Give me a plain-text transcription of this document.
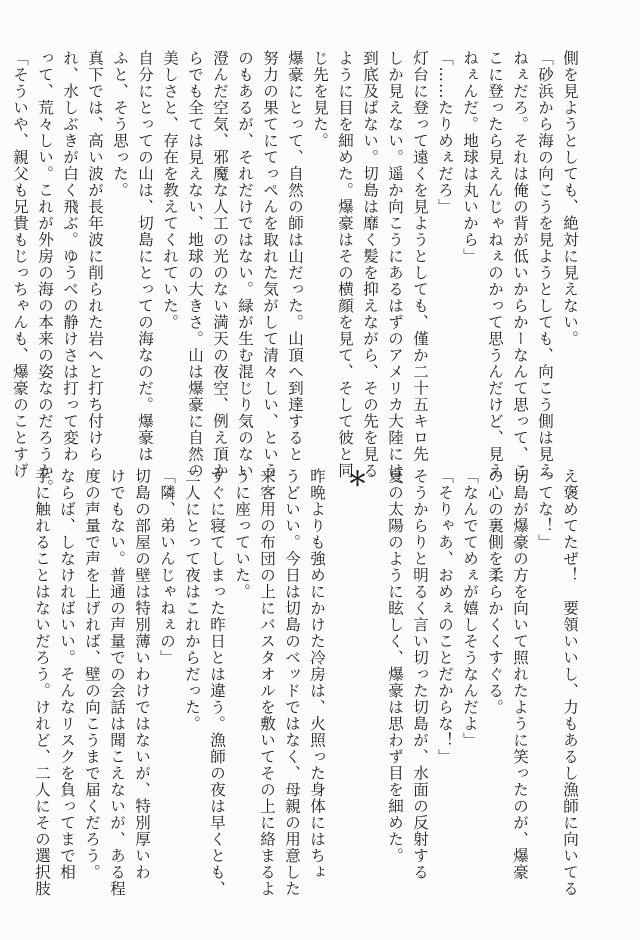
側を見ようとしても、絶対に見えない。

「砂浜から海の向こうを見ようとしても、向こう側は見え

ねぇだろ。それは俺の背が低いからかーなんて思って、こ

こに登ったら見えんじゃねぇのかって思うんだけど、見え

ねぇんだ。地球は丸いから」

「……たりめぇだろ」

灯台に登って遠くを見ようとしても、僅か二十五キロ先

しか見えない。遥か向こうにあるはずのアメリカ大陸には、

到底及ばない。切島は靡く髪を抑えながら、その先を見る

ように目を細めた。爆豪はその横顔を見て、そして彼と同

じ先を見た。

爆豪にとって、自然の師は山だった。山頂へ到達すると

努力の果てにてっぺんを取れた気がして清々しい、という

のもあるが、それだけではない。緑が生む混じり気のない

澄んだ空気、邪魔な人工の光のない満天の夜空、例え頂か

らでも全ては見えない、地球の大きさ。山は爆豪に自然の

美しさと、存在を教えてくれていた。

自分にとっての山は、切島にとっての海なのだ。爆豪は

ふと、そう思った。

真下では、高い波が長年波に削られた岩へと打ち付けら

れ、水しぶきが白く飛ぶ。ゆうべの静けさは打って変わ

って、荒々しい。これが外房の海の本来の姿なのだろうか。

「そういや、親父も兄貴もじっちゃんも、爆豪のことすげ

え褒めてたぜ！　要領いいし、力もあるし漁師に向いてる

ってな！」

切島が爆豪の方を向いて照れたように笑ったのが、爆豪

の心の裏側を柔らかくくすぐる。

「なんでてめぇが嬉しそうなんだよ」

「そりゃあ、おめぇのことだからな！」

そうからりと明るく言い切った切島が、水面の反射する

夏の太陽のように眩しく、爆豪は思わず目を細めた。

＊

昨晩よりも強めにかけた冷房は、火照った身体にはちょ

うどいい。今日は切島のベッドではなく、母親の用意した

来客用の布団の上にバスタオルを敷いてその上に絡まるよ

うに座っていた。

すぐに寝てしまった昨日とは違う。漁師の夜は早くとも、

二人にとって夜はこれからだった。

「隣、弟いんじゃねぇの」

切島の部屋の壁は特別薄いわけではないが、特別厚いわ

けでもない。普通の声量での会話は聞こえないが、ある程

度の声量で声を上げれば、壁の向こうまで届くだろう。

ならば、しなければいい。そんなリスクを負ってまで相

手に触れることはないだろう。けれど、二人にその選択肢
